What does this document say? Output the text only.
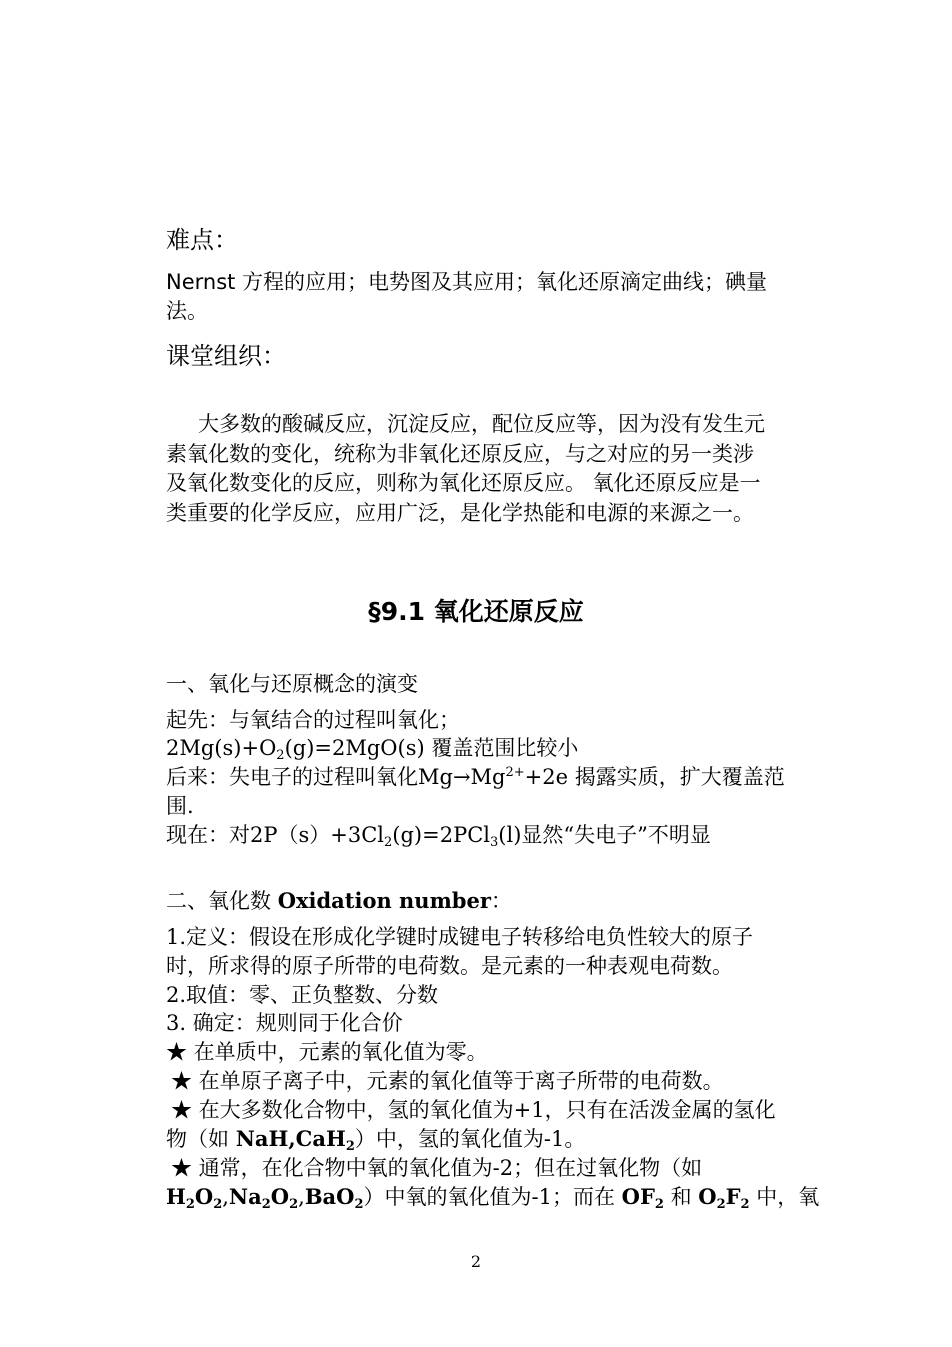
难点：
Nernst 方程的应用；电势图及其应用；氧化还原滴定曲线；碘量
法。
课堂组织：
大多数的酸碱反应，沉淀反应，配位反应等，因为没有发生元
素氧化数的变化，统称为非氧化还原反应，与之对应的另一类涉
及氧化数变化的反应，则称为氧化还原反应。 氧化还原反应是一
类重要的化学反应，应用广泛，是化学热能和电源的来源之一。
§9.1 氧化还原反应
一、氧化与还原概念的演变
起先：与氧结合的过程叫氧化；
$2Mg(s)+O_2(g)=2MgO(s)$ 覆盖范围比较小
后来：失电子的过程叫氧化$Mg\to Mg^{2+}+2e$ 揭露实质，扩大覆盖范
围.
现在：对$2P(s)+3Cl_2(g)=2PCl_3(l)$显然“失电子”不明显
二、氧化数 Oxidation number：
1.定义：假设在形成化学键时成键电子转移给电负性较大的原子
时，所求得的原子所带的电荷数。是元素的一种表观电荷数。
2.取值：零、正负整数、分数
3. 确定：规则同于化合价
★ 在单质中，元素的氧化值为零。
★ 在单原子离子中，元素的氧化值等于离子所带的电荷数。
★ 在大多数化合物中，氢的氧化值为+1，只有在活泼金属的氢化
物（如 NaH,CaH$_2$）中，氢的氧化值为-1。
★ 通常，在化合物中氧的氧化值为-2；但在过氧化物（如
$H_2O_2,Na_2O_2,BaO_2$）中氧的氧化值为-1；而在 $OF_2$ 和 $O_2F_2$ 中，氧
2
